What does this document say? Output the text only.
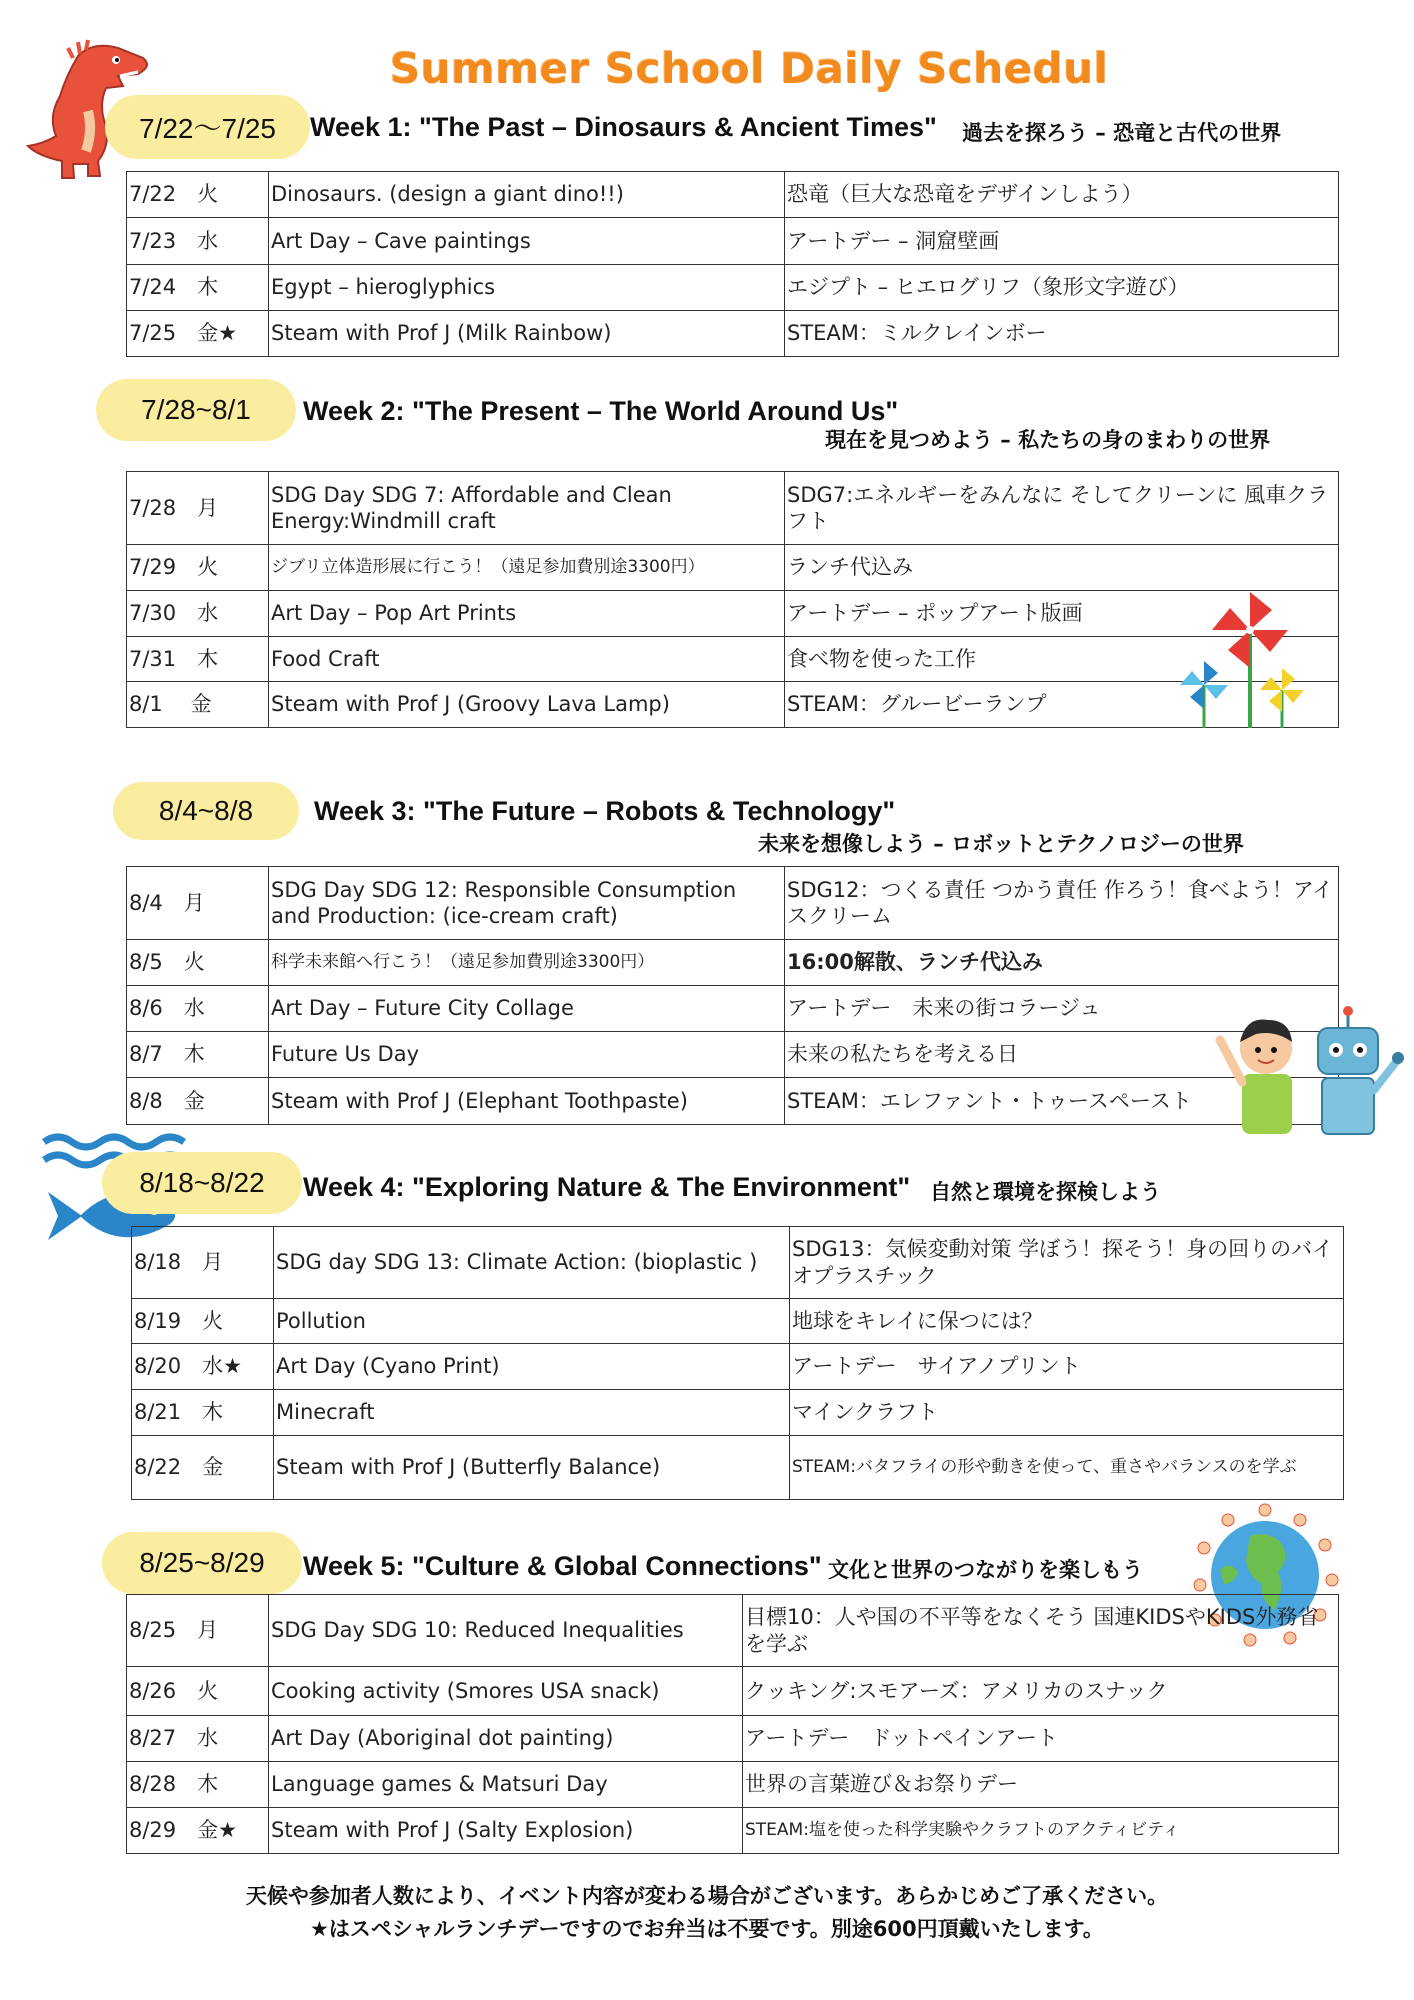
Summer School Daily Schedul
7/22〜7/25	Week 1: "The Past – Dinosaurs & Ancient Times" 過去を探ろう – 恐竜と古代の世界
7/22　火	Dinosaurs. (design a giant dino!!)	恐竜（巨大な恐竜をデザインしよう）
7/23　水	Art Day – Cave paintings	アートデー – 洞窟壁画
7/24　木	Egypt – hieroglyphics	エジプト – ヒエログリフ（象形文字遊び）
7/25　金★	Steam with Prof J (Milk Rainbow)	STEAM：ミルクレインボー
7/28~8/1	Week 2: "The Present – The World Around Us"
現在を見つめよう – 私たちの身のまわりの世界
7/28　月	SDG Day SDG 7: Affordable and Clean Energy:Windmill craft	SDG7:エネルギーをみんなに そしてクリーンに 風車クラフト
7/29　火	ジブリ立体造形展に行こう！（遠足参加費別途3300円）	ランチ代込み
7/30　水	Art Day – Pop Art Prints	アートデー – ポップアート版画
7/31　木	Food Craft	食べ物を使った工作
8/1　 金	Steam with Prof J (Groovy Lava Lamp)	STEAM：グルービーランプ
8/4~8/8	Week 3: "The Future – Robots & Technology"
未来を想像しよう – ロボットとテクノロジーの世界
8/4　月	SDG Day SDG 12: Responsible Consumption and Production: (ice-cream craft)	SDG12：つくる責任 つかう責任 作ろう！食べよう！アイスクリーム
8/5　火	科学未来館へ行こう！（遠足参加費別途3300円）	16:00解散、ランチ代込み
8/6　水	Art Day – Future City Collage	アートデー　未来の街コラージュ
8/7　木	Future Us Day	未来の私たちを考える日
8/8　金	Steam with Prof J (Elephant Toothpaste)	STEAM：エレファント・トゥースペースト
8/18~8/22	Week 4: "Exploring Nature & The Environment" 自然と環境を探検しよう
8/18　月	SDG day SDG 13: Climate Action: (bioplastic )	SDG13：気候変動対策 学ぼう！探そう！身の回りのバイオプラスチック
8/19　火	Pollution	地球をキレイに保つには？
8/20　水★	Art Day (Cyano Print)	アートデー　サイアノプリント
8/21　木	Minecraft	マインクラフト
8/22　金	Steam with Prof J (Butterfly Balance)	STEAM:バタフライの形や動きを使って、重さやバランスのを学ぶ
8/25~8/29	Week 5: "Culture & Global Connections" 文化と世界のつながりを楽しもう
8/25　月	SDG Day SDG 10: Reduced Inequalities	目標10：人や国の不平等をなくそう 国連KIDSやKIDS外務省を学ぶ
8/26　火	Cooking activity (Smores USA snack)	クッキング:スモアーズ：アメリカのスナック
8/27　水	Art Day (Aboriginal dot painting)	アートデー　ドットペインアート
8/28　木	Language games & Matsuri Day	世界の言葉遊び＆お祭りデー
8/29　金★	Steam with Prof J (Salty Explosion)	STEAM:塩を使った科学実験やクラフトのアクティビティ
天候や参加者人数により、イベント内容が変わる場合がございます。あらかじめご了承ください。
★はスペシャルランチデーですのでお弁当は不要です。別途600円頂戴いたします。
